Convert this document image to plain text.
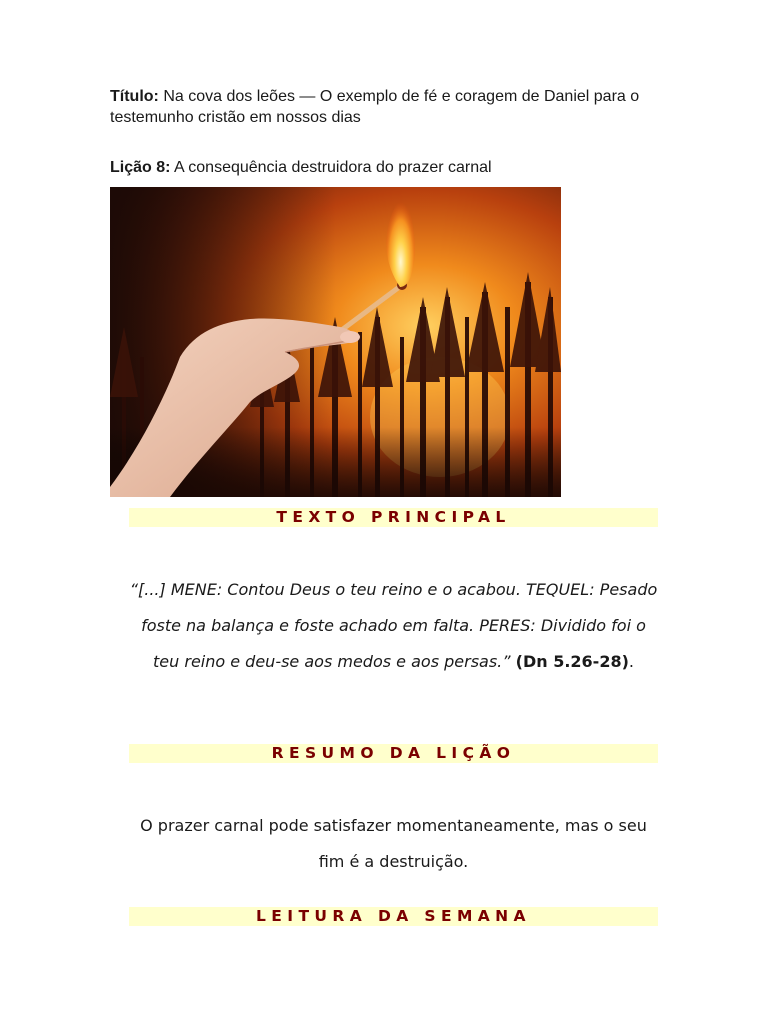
Título: Na cova dos leões — O exemplo de fé e coragem de Daniel para o testemunho cristão em nossos dias
Lição 8: A consequência destruidora do prazer carnal
TEXTO PRINCIPAL
“[...] MENE: Contou Deus o teu reino e o acabou. TEQUEL: Pesado foste na balança e foste achado em falta. PERES: Dividido foi o teu reino e deu-se aos medos e aos persas.” (Dn 5.26-28).
RESUMO DA LIÇÃO
O prazer carnal pode satisfazer momentaneamente, mas o seu fim é a destruição.
LEITURA DA SEMANA
